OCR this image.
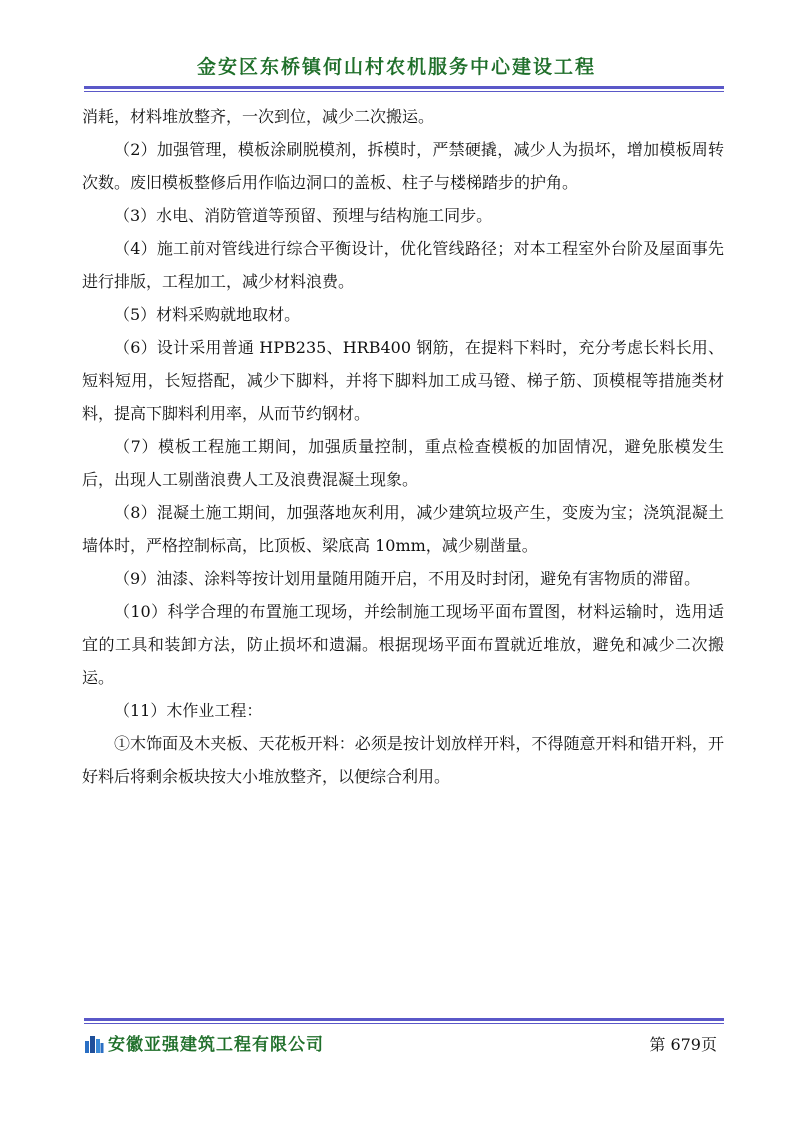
金安区东桥镇何山村农机服务中心建设工程

消耗，材料堆放整齐，一次到位，减少二次搬运。

（2）加强管理，模板涂刷脱模剂，拆模时，严禁硬撬，减少人为损坏，增加模板周转次数。废旧模板整修后用作临边洞口的盖板、柱子与楼梯踏步的护角。

（3）水电、消防管道等预留、预埋与结构施工同步。

（4）施工前对管线进行综合平衡设计，优化管线路径；对本工程室外台阶及屋面事先进行排版，工程加工，减少材料浪费。

（5）材料采购就地取材。

（6）设计采用普通 HPB235、HRB400 钢筋，在提料下料时，充分考虑长料长用、短料短用，长短搭配，减少下脚料，并将下脚料加工成马镫、梯子筋、顶模棍等措施类材料，提高下脚料利用率，从而节约钢材。

（7）模板工程施工期间，加强质量控制，重点检查模板的加固情况，避免胀模发生后，出现人工剔凿浪费人工及浪费混凝土现象。

（8）混凝土施工期间，加强落地灰利用，减少建筑垃圾产生，变废为宝；浇筑混凝土墙体时，严格控制标高，比顶板、梁底高 10mm，减少剔凿量。

（9）油漆、涂料等按计划用量随用随开启，不用及时封闭，避免有害物质的滞留。

（10）科学合理的布置施工现场，并绘制施工现场平面布置图，材料运输时，选用适宜的工具和装卸方法，防止损坏和遗漏。根据现场平面布置就近堆放，避免和减少二次搬运。

（11）木作业工程：

①木饰面及木夹板、天花板开料：必须是按计划放样开料，不得随意开料和错开料，开好料后将剩余板块按大小堆放整齐，以便综合利用。

安徽亚强建筑工程有限公司	第 679页
